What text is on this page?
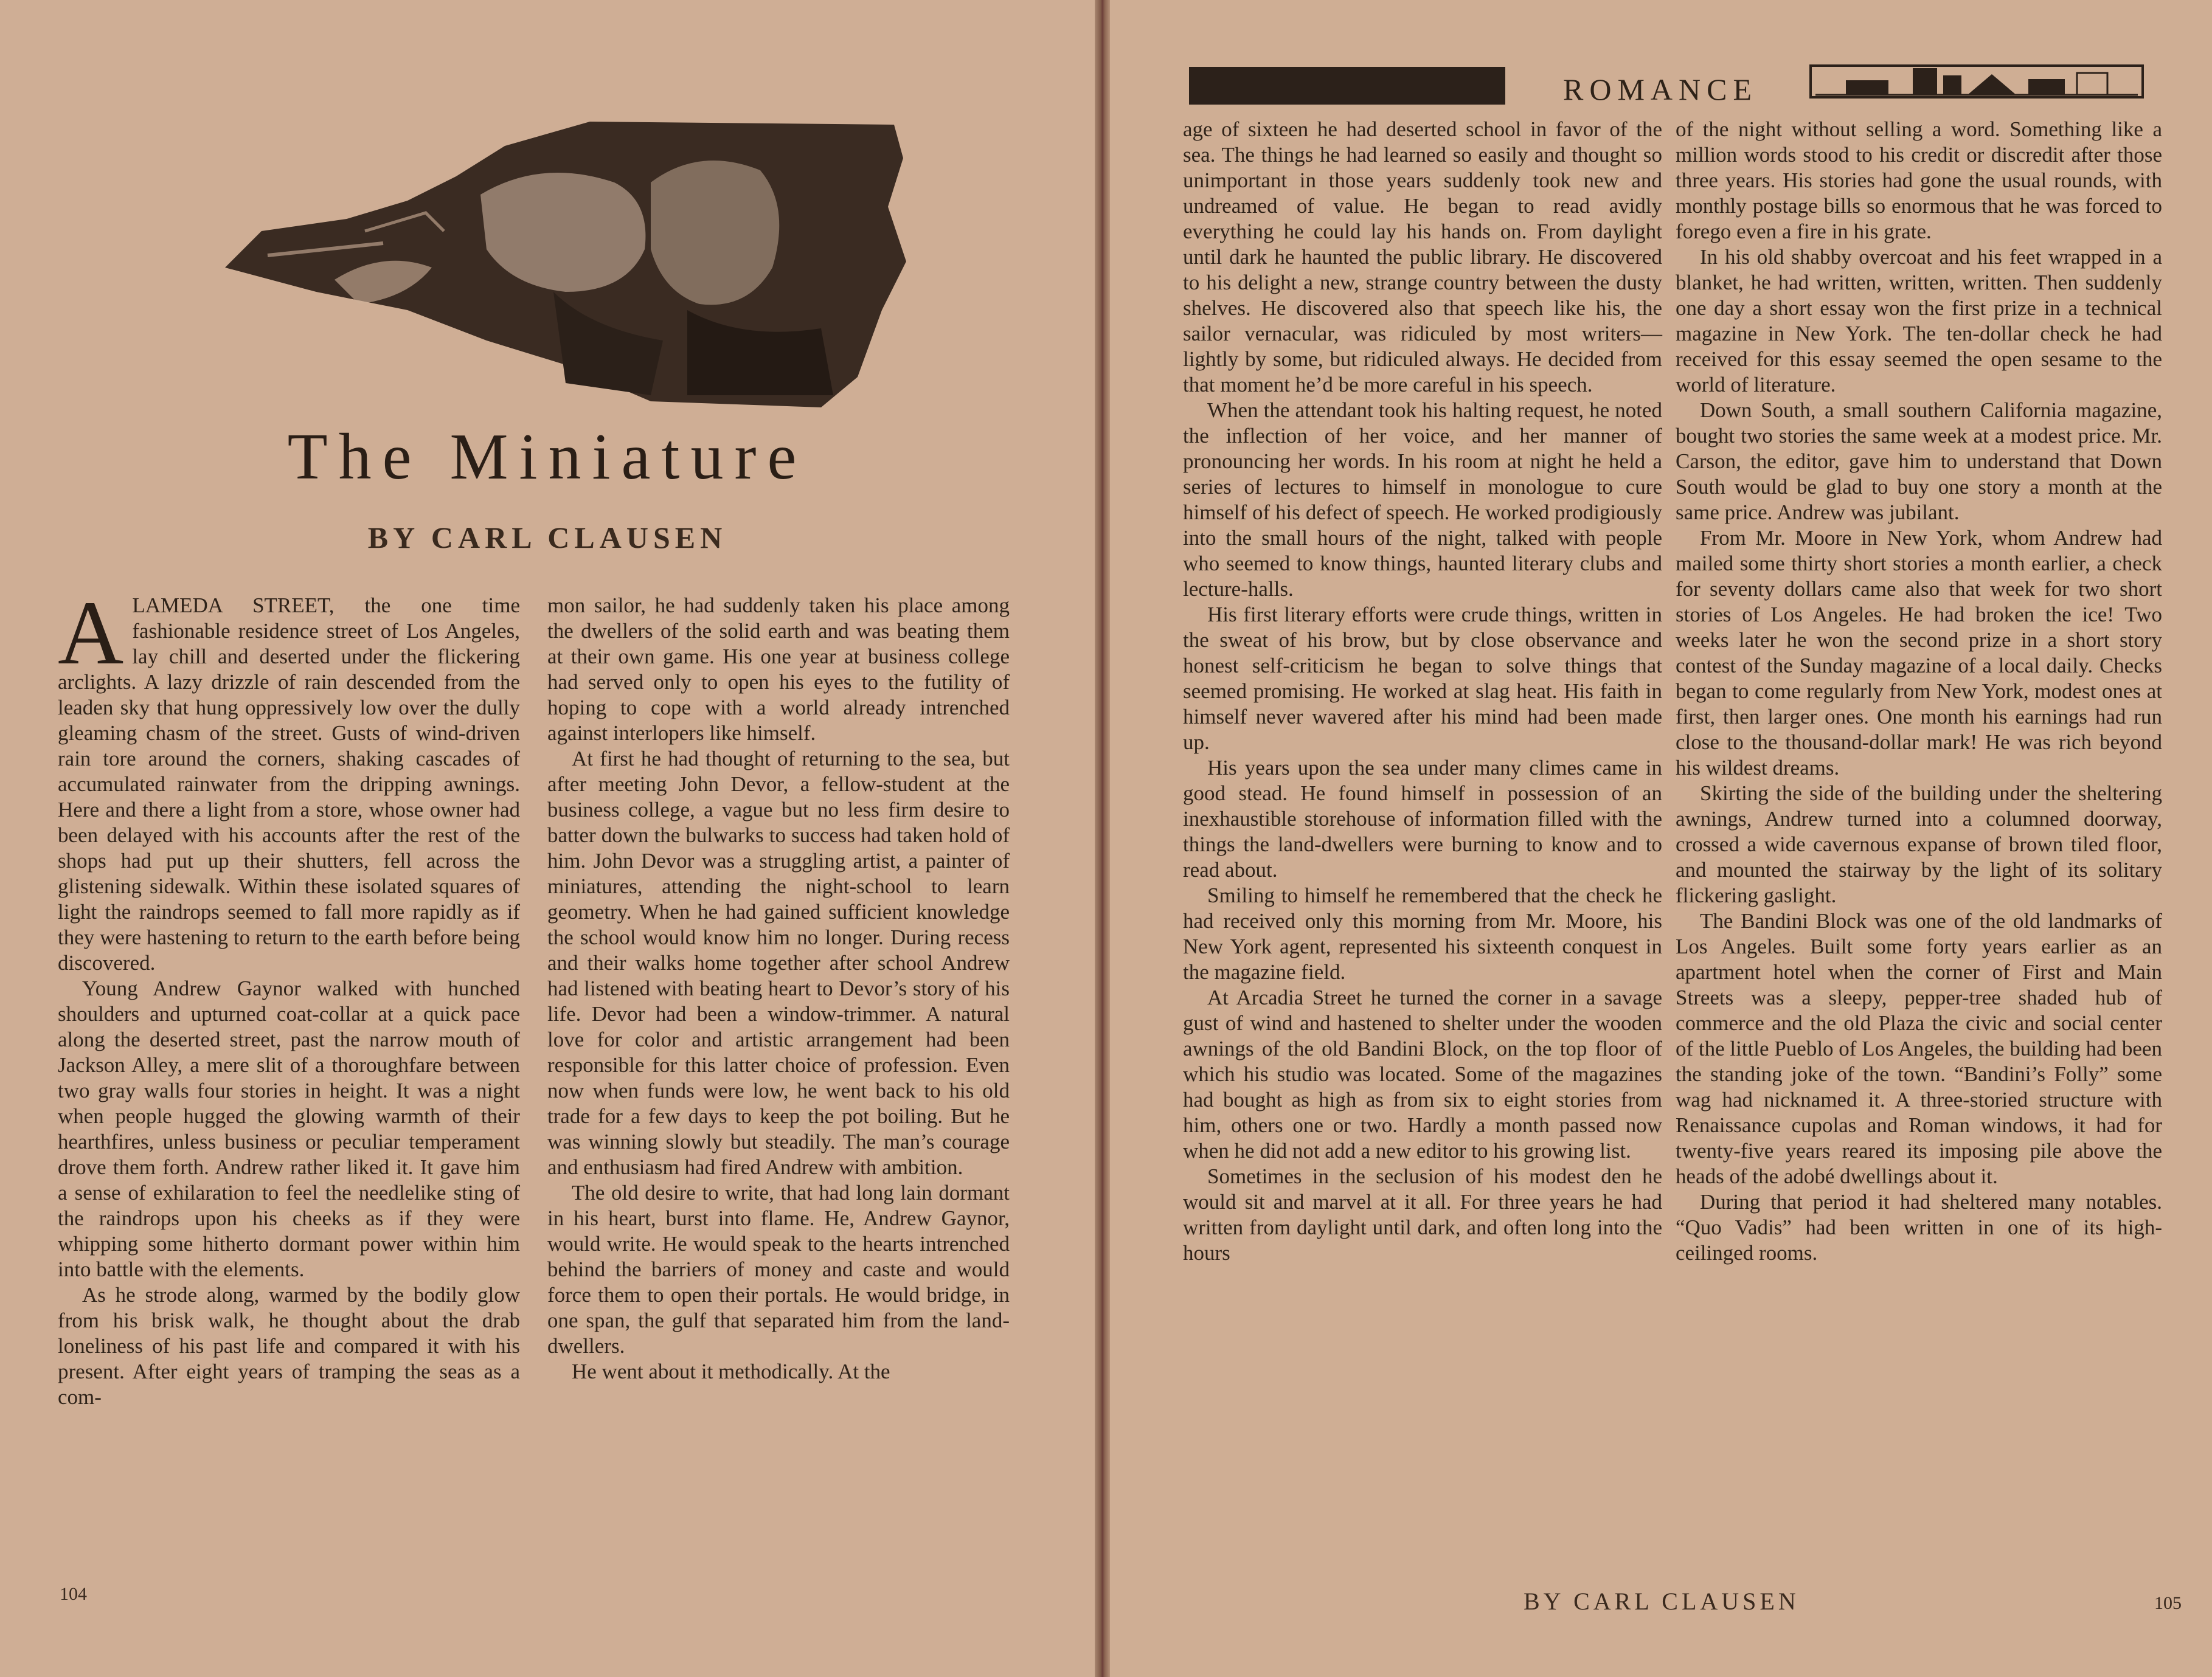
The Miniature
BY CARL CLAUSEN

ALAMEDA STREET, the one time fashionable residence street of Los Angeles, lay chill and deserted under the flickering arclights. A lazy drizzle of rain descended from the leaden sky that hung oppressively low over the dully gleaming chasm of the street. Gusts of wind-driven rain tore around the corners, shaking cascades of accumulated rainwater from the dripping awnings. Here and there a light from a store, whose owner had been delayed with his accounts after the rest of the shops had put up their shutters, fell across the glistening sidewalk. Within these isolated squares of light the raindrops seemed to fall more rapidly as if they were hastening to return to the earth before being discovered.

Young Andrew Gaynor walked with hunched shoulders and upturned coat-collar at a quick pace along the deserted street, past the narrow mouth of Jackson Alley, a mere slit of a thoroughfare between two gray walls four stories in height. It was a night when people hugged the glowing warmth of their hearthfires, unless business or peculiar temperament drove them forth. Andrew rather liked it. It gave him a sense of exhilaration to feel the needlelike sting of the raindrops upon his cheeks as if they were whipping some hitherto dormant power within him into battle with the elements.

As he strode along, warmed by the bodily glow from his brisk walk, he thought about the drab loneliness of his past life and compared it with his present. After eight years of tramping the seas as a com-

mon sailor, he had suddenly taken his place among the dwellers of the solid earth and was beating them at their own game. His one year at business college had served only to open his eyes to the futility of hoping to cope with a world already intrenched against interlopers like himself.

At first he had thought of returning to the sea, but after meeting John Devor, a fellow-student at the business college, a vague but no less firm desire to batter down the bulwarks to success had taken hold of him. John Devor was a struggling artist, a painter of miniatures, attending the night-school to learn geometry. When he had gained sufficient knowledge the school would know him no longer. During recess and their walks home together after school Andrew had listened with beating heart to Devor’s story of his life. Devor had been a window-trimmer. A natural love for color and artistic arrangement had been responsible for this latter choice of profession. Even now when funds were low, he went back to his old trade for a few days to keep the pot boiling. But he was winning slowly but steadily. The man’s courage and enthusiasm had fired Andrew with ambition.

The old desire to write, that had long lain dormant in his heart, burst into flame. He, Andrew Gaynor, would write. He would speak to the hearts intrenched behind the barriers of money and caste and would force them to open their portals. He would bridge, in one span, the gulf that separated him from the land-dwellers.

He went about it methodically. At the

104
ROMANCE

age of sixteen he had deserted school in favor of the sea. The things he had learned so easily and thought so unimportant in those years suddenly took new and undreamed of value. He began to read avidly everything he could lay his hands on. From daylight until dark he haunted the public library. He discovered to his delight a new, strange country between the dusty shelves. He discovered also that speech like his, the sailor vernacular, was ridiculed by most writers—lightly by some, but ridiculed always. He decided from that moment he’d be more careful in his speech.

When the attendant took his halting request, he noted the inflection of her voice, and her manner of pronouncing her words. In his room at night he held a series of lectures to himself in monologue to cure himself of his defect of speech. He worked prodigiously into the small hours of the night, talked with people who seemed to know things, haunted literary clubs and lecture-halls.

His first literary efforts were crude things, written in the sweat of his brow, but by close observance and honest self-criticism he began to solve things that seemed promising. He worked at slag heat. His faith in himself never wavered after his mind had been made up.

His years upon the sea under many climes came in good stead. He found himself in possession of an inexhaustible storehouse of information filled with the things the land-dwellers were burning to know and to read about.

Smiling to himself he remembered that the check he had received only this morning from Mr. Moore, his New York agent, represented his sixteenth conquest in the magazine field.

At Arcadia Street he turned the corner in a savage gust of wind and hastened to shelter under the wooden awnings of the old Bandini Block, on the top floor of which his studio was located. Some of the magazines had bought as high as from six to eight stories from him, others one or two. Hardly a month passed now when he did not add a new editor to his growing list.

Sometimes in the seclusion of his modest den he would sit and marvel at it all. For three years he had written from daylight until dark, and often long into the hours

of the night without selling a word. Something like a million words stood to his credit or discredit after those three years. His stories had gone the usual rounds, with monthly postage bills so enormous that he was forced to forego even a fire in his grate.

In his old shabby overcoat and his feet wrapped in a blanket, he had written, written, written. Then suddenly one day a short essay won the first prize in a technical magazine in New York. The ten-dollar check he had received for this essay seemed the open sesame to the world of literature.

Down South, a small southern California magazine, bought two stories the same week at a modest price. Mr. Carson, the editor, gave him to understand that Down South would be glad to buy one story a month at the same price. Andrew was jubilant.

From Mr. Moore in New York, whom Andrew had mailed some thirty short stories a month earlier, a check for seventy dollars came also that week for two short stories of Los Angeles. He had broken the ice! Two weeks later he won the second prize in a short story contest of the Sunday magazine of a local daily. Checks began to come regularly from New York, modest ones at first, then larger ones. One month his earnings had run close to the thousand-dollar mark! He was rich beyond his wildest dreams.

Skirting the side of the building under the sheltering awnings, Andrew turned into a columned doorway, crossed a wide cavernous expanse of brown tiled floor, and mounted the stairway by the light of its solitary flickering gaslight.

The Bandini Block was one of the old landmarks of Los Angeles. Built some forty years earlier as an apartment hotel when the corner of First and Main Streets was a sleepy, pepper-tree shaded hub of commerce and the old Plaza the civic and social center of the little Pueblo of Los Angeles, the building had been the standing joke of the town. “Bandini’s Folly” some wag had nicknamed it. A three-storied structure with Renaissance cupolas and Roman windows, it had for twenty-five years reared its imposing pile above the heads of the adobé dwellings about it.

During that period it had sheltered many notables. “Quo Vadis” had been written in one of its high-ceilinged rooms.

BY CARL CLAUSEN	105
